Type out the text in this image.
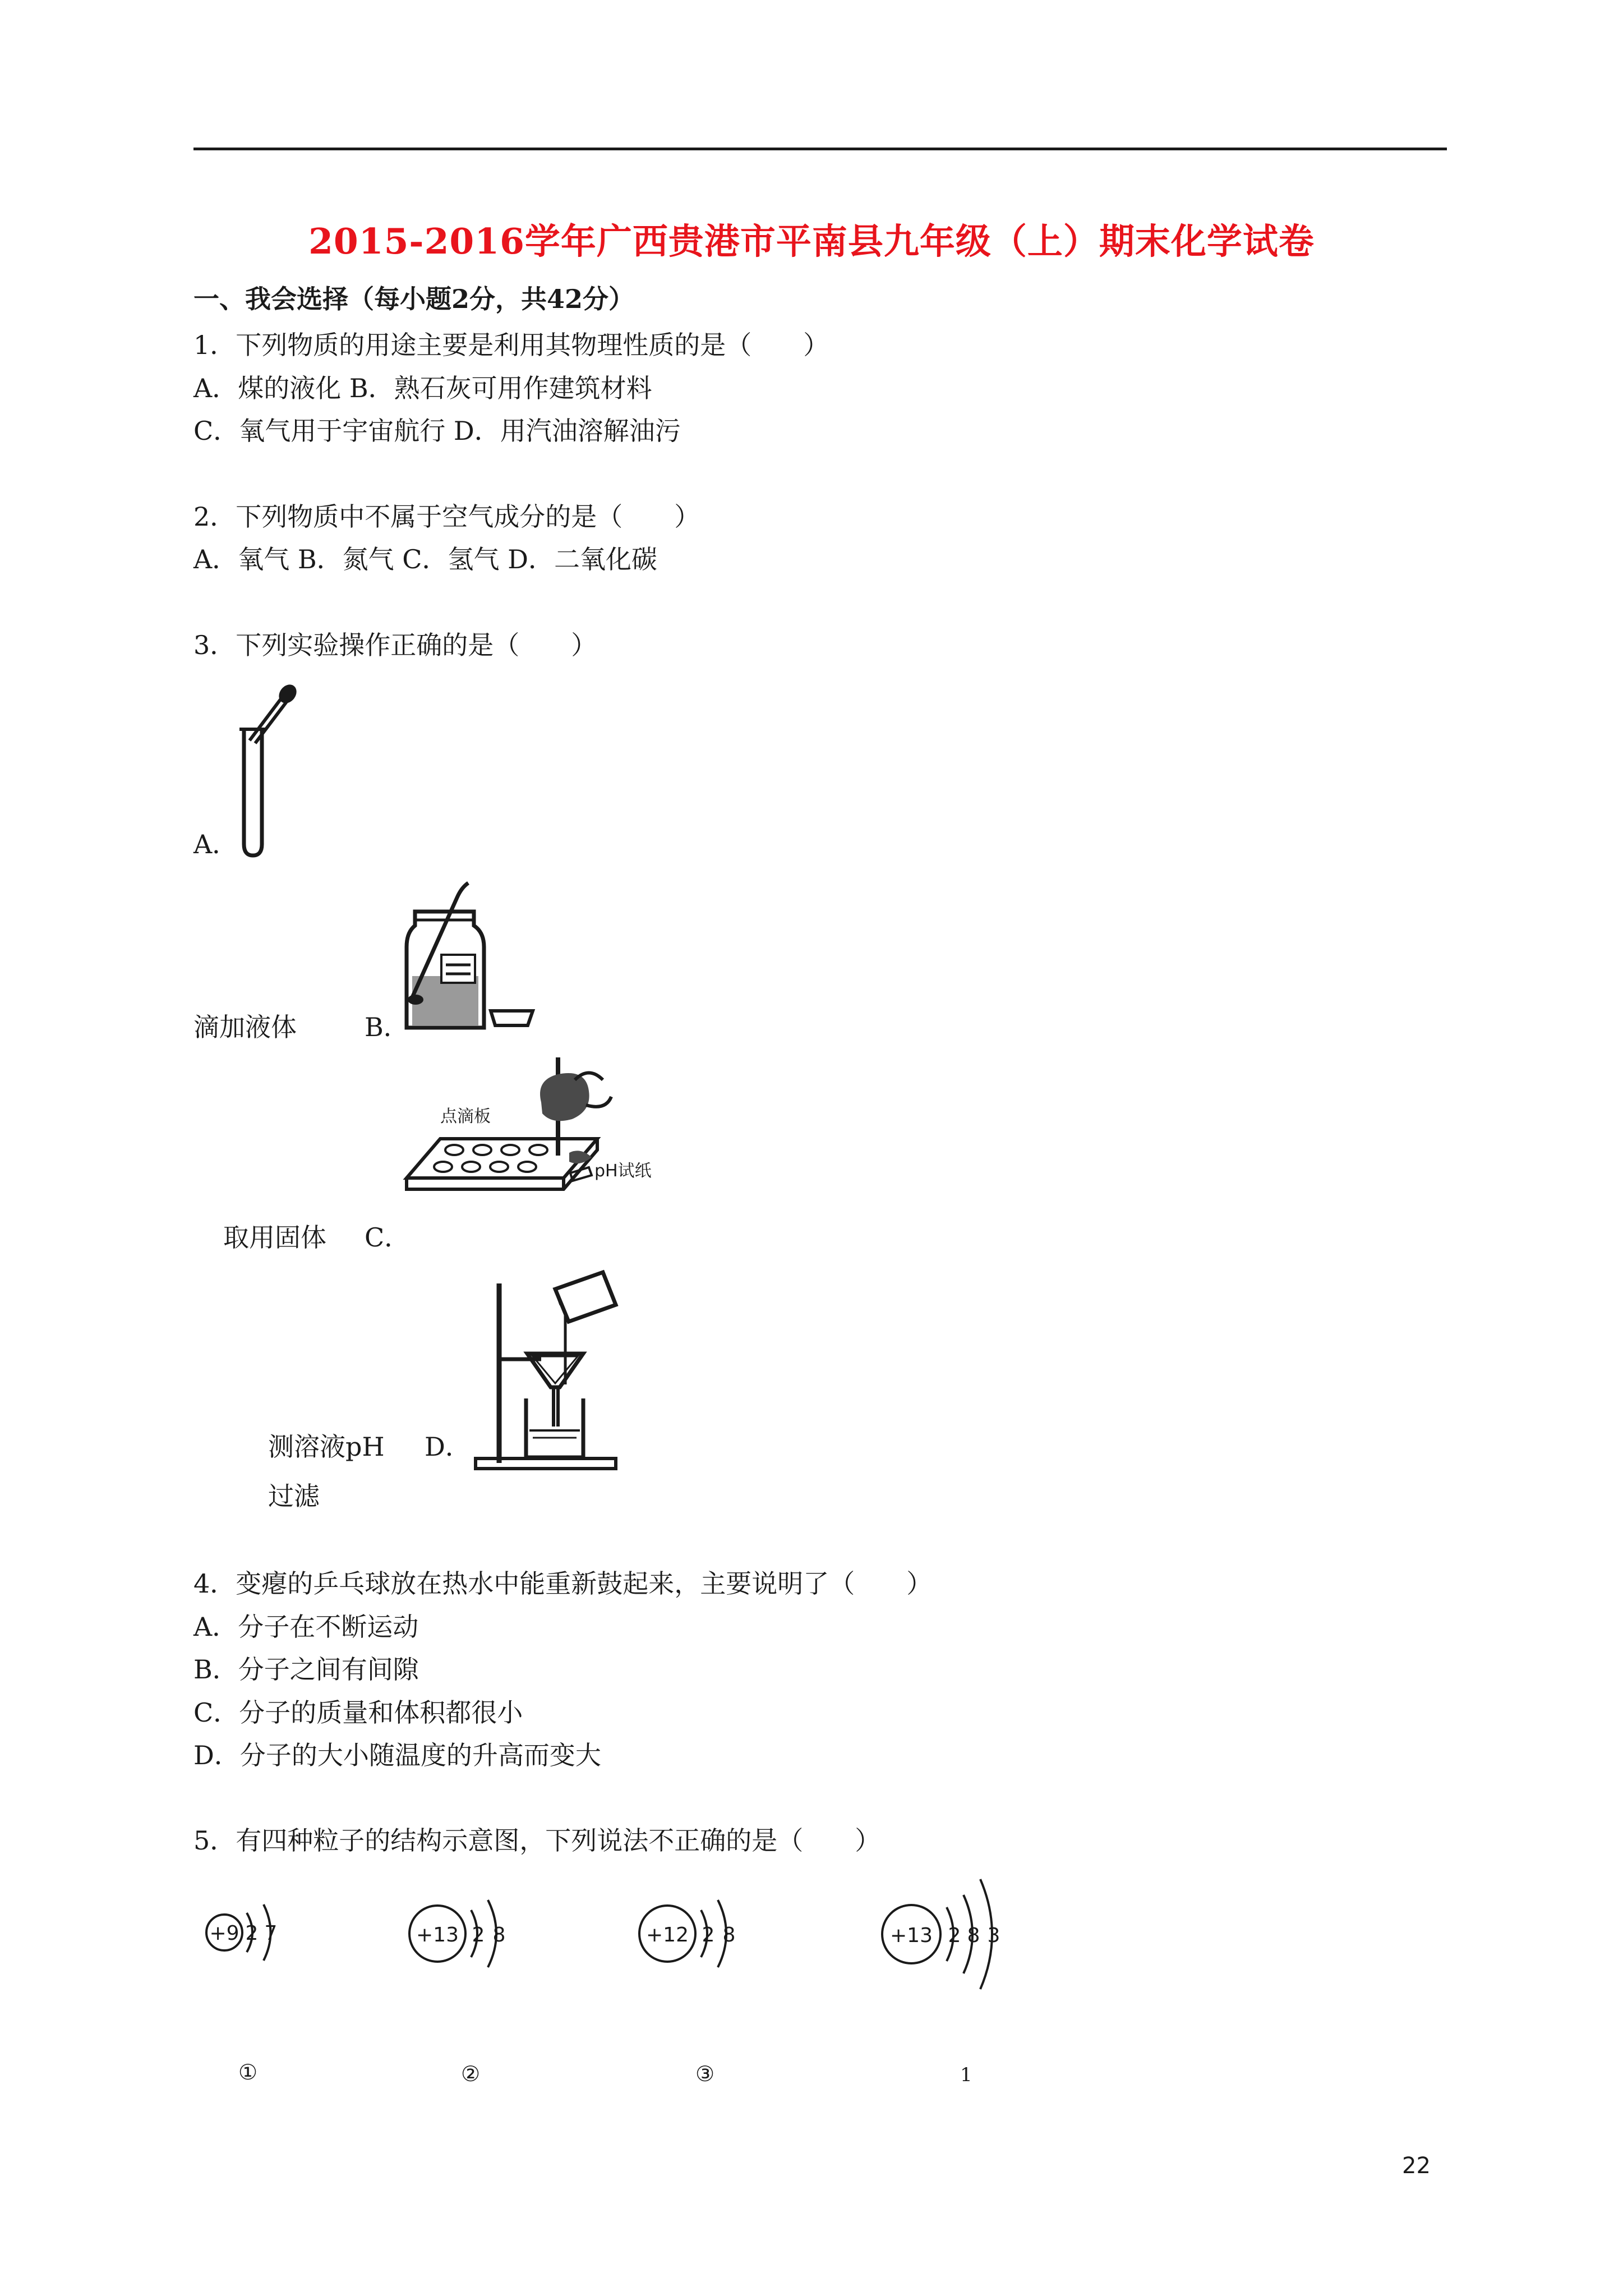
2015-2016学年广西贵港市平南县九年级（上）期末化学试卷
一、我会选择（每小题2分，共42分）
1．下列物质的用途主要是利用其物理性质的是（　　）
A．煤的液化 B．熟石灰可用作建筑材料
C．氧气用于宇宙航行 D．用汽油溶解油污
2．下列物质中不属于空气成分的是（　　）
A．氧气 B．氮气 C．氢气 D．二氧化碳
3．下列实验操作正确的是（　　）
A．
滴加液体	B．
点滴板
pH试纸
取用固体 C．
测溶液pH D．
过滤
4．变瘪的乒乓球放在热水中能重新鼓起来，主要说明了（　　）
A．分子在不断运动
B．分子之间有间隙
C．分子的质量和体积都很小
D．分子的大小随温度的升高而变大
5．有四种粒子的结构示意图，下列说法不正确的是（　　）
+9 2 7
①
+13 2 8
②
+12 2 8
③
+13 2 8 3
1
22
